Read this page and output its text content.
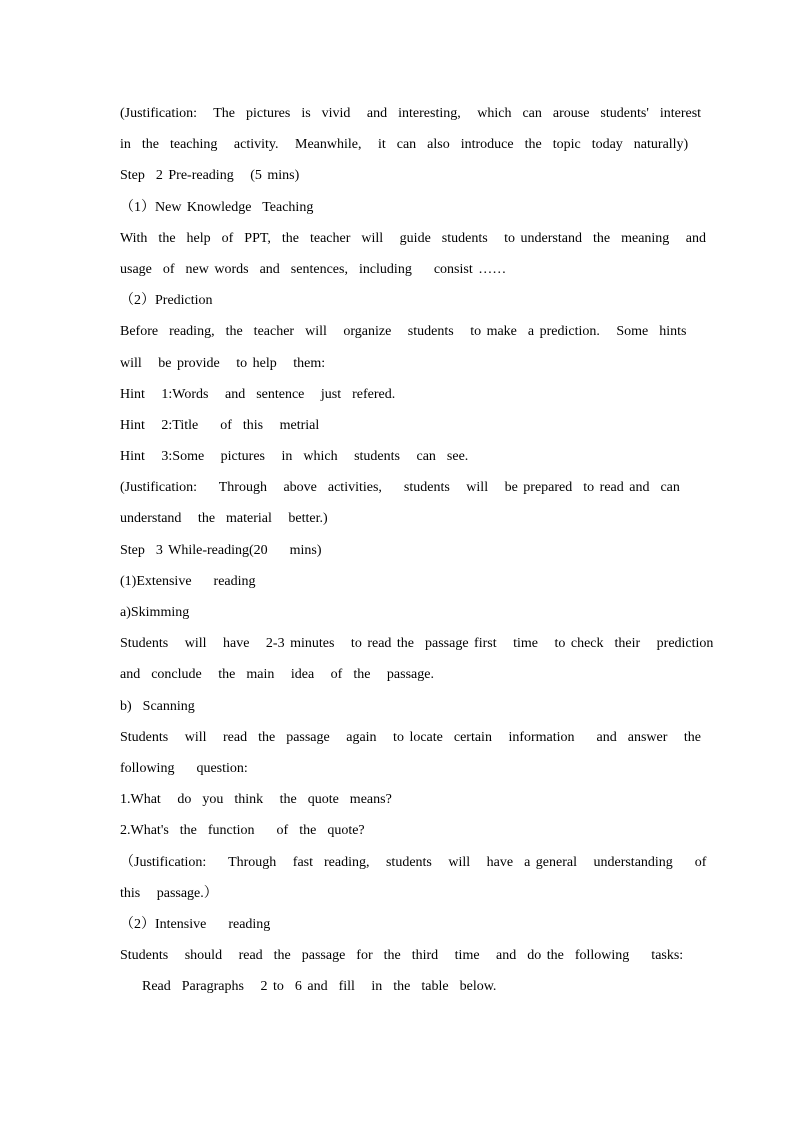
(Justification:   The  pictures  is  vivid   and  interesting,   which  can  arouse  students'  interest
in  the  teaching   activity.   Meanwhile,   it  can  also  introduce  the  topic  today  naturally)
Step  2 Pre-reading   (5 mins)
（1）New Knowledge  Teaching
With  the  help  of  PPT,  the  teacher  will   guide  students   to understand  the  meaning   and
usage  of  new words  and  sentences,  including    consist ……
（2）Prediction
Before  reading,  the  teacher  will   organize   students   to make  a prediction.   Some  hints
will   be provide   to help   them:
Hint   1:Words   and  sentence   just  refered.
Hint   2:Title    of  this   metrial
Hint   3:Some   pictures   in  which   students   can  see.
(Justification:    Through   above  activities,    students   will   be prepared  to read and  can
understand   the  material   better.)
Step  3 While-reading(20    mins)
(1)Extensive    reading
a)Skimming
Students   will   have   2-3 minutes   to read the  passage first   time   to check  their   prediction
and  conclude   the  main   idea   of  the   passage.
b)  Scanning
Students   will   read  the  passage   again   to locate  certain   information    and  answer   the
following    question:
1.What   do  you  think   the  quote  means?
2.What's  the  function    of  the  quote?
（Justification:    Through   fast  reading,   students   will   have  a general   understanding    of
this   passage.）
（2）Intensive    reading
Students   should   read  the  passage  for  the  third   time   and  do the  following    tasks:
Read  Paragraphs   2 to  6 and  fill   in  the  table  below.
